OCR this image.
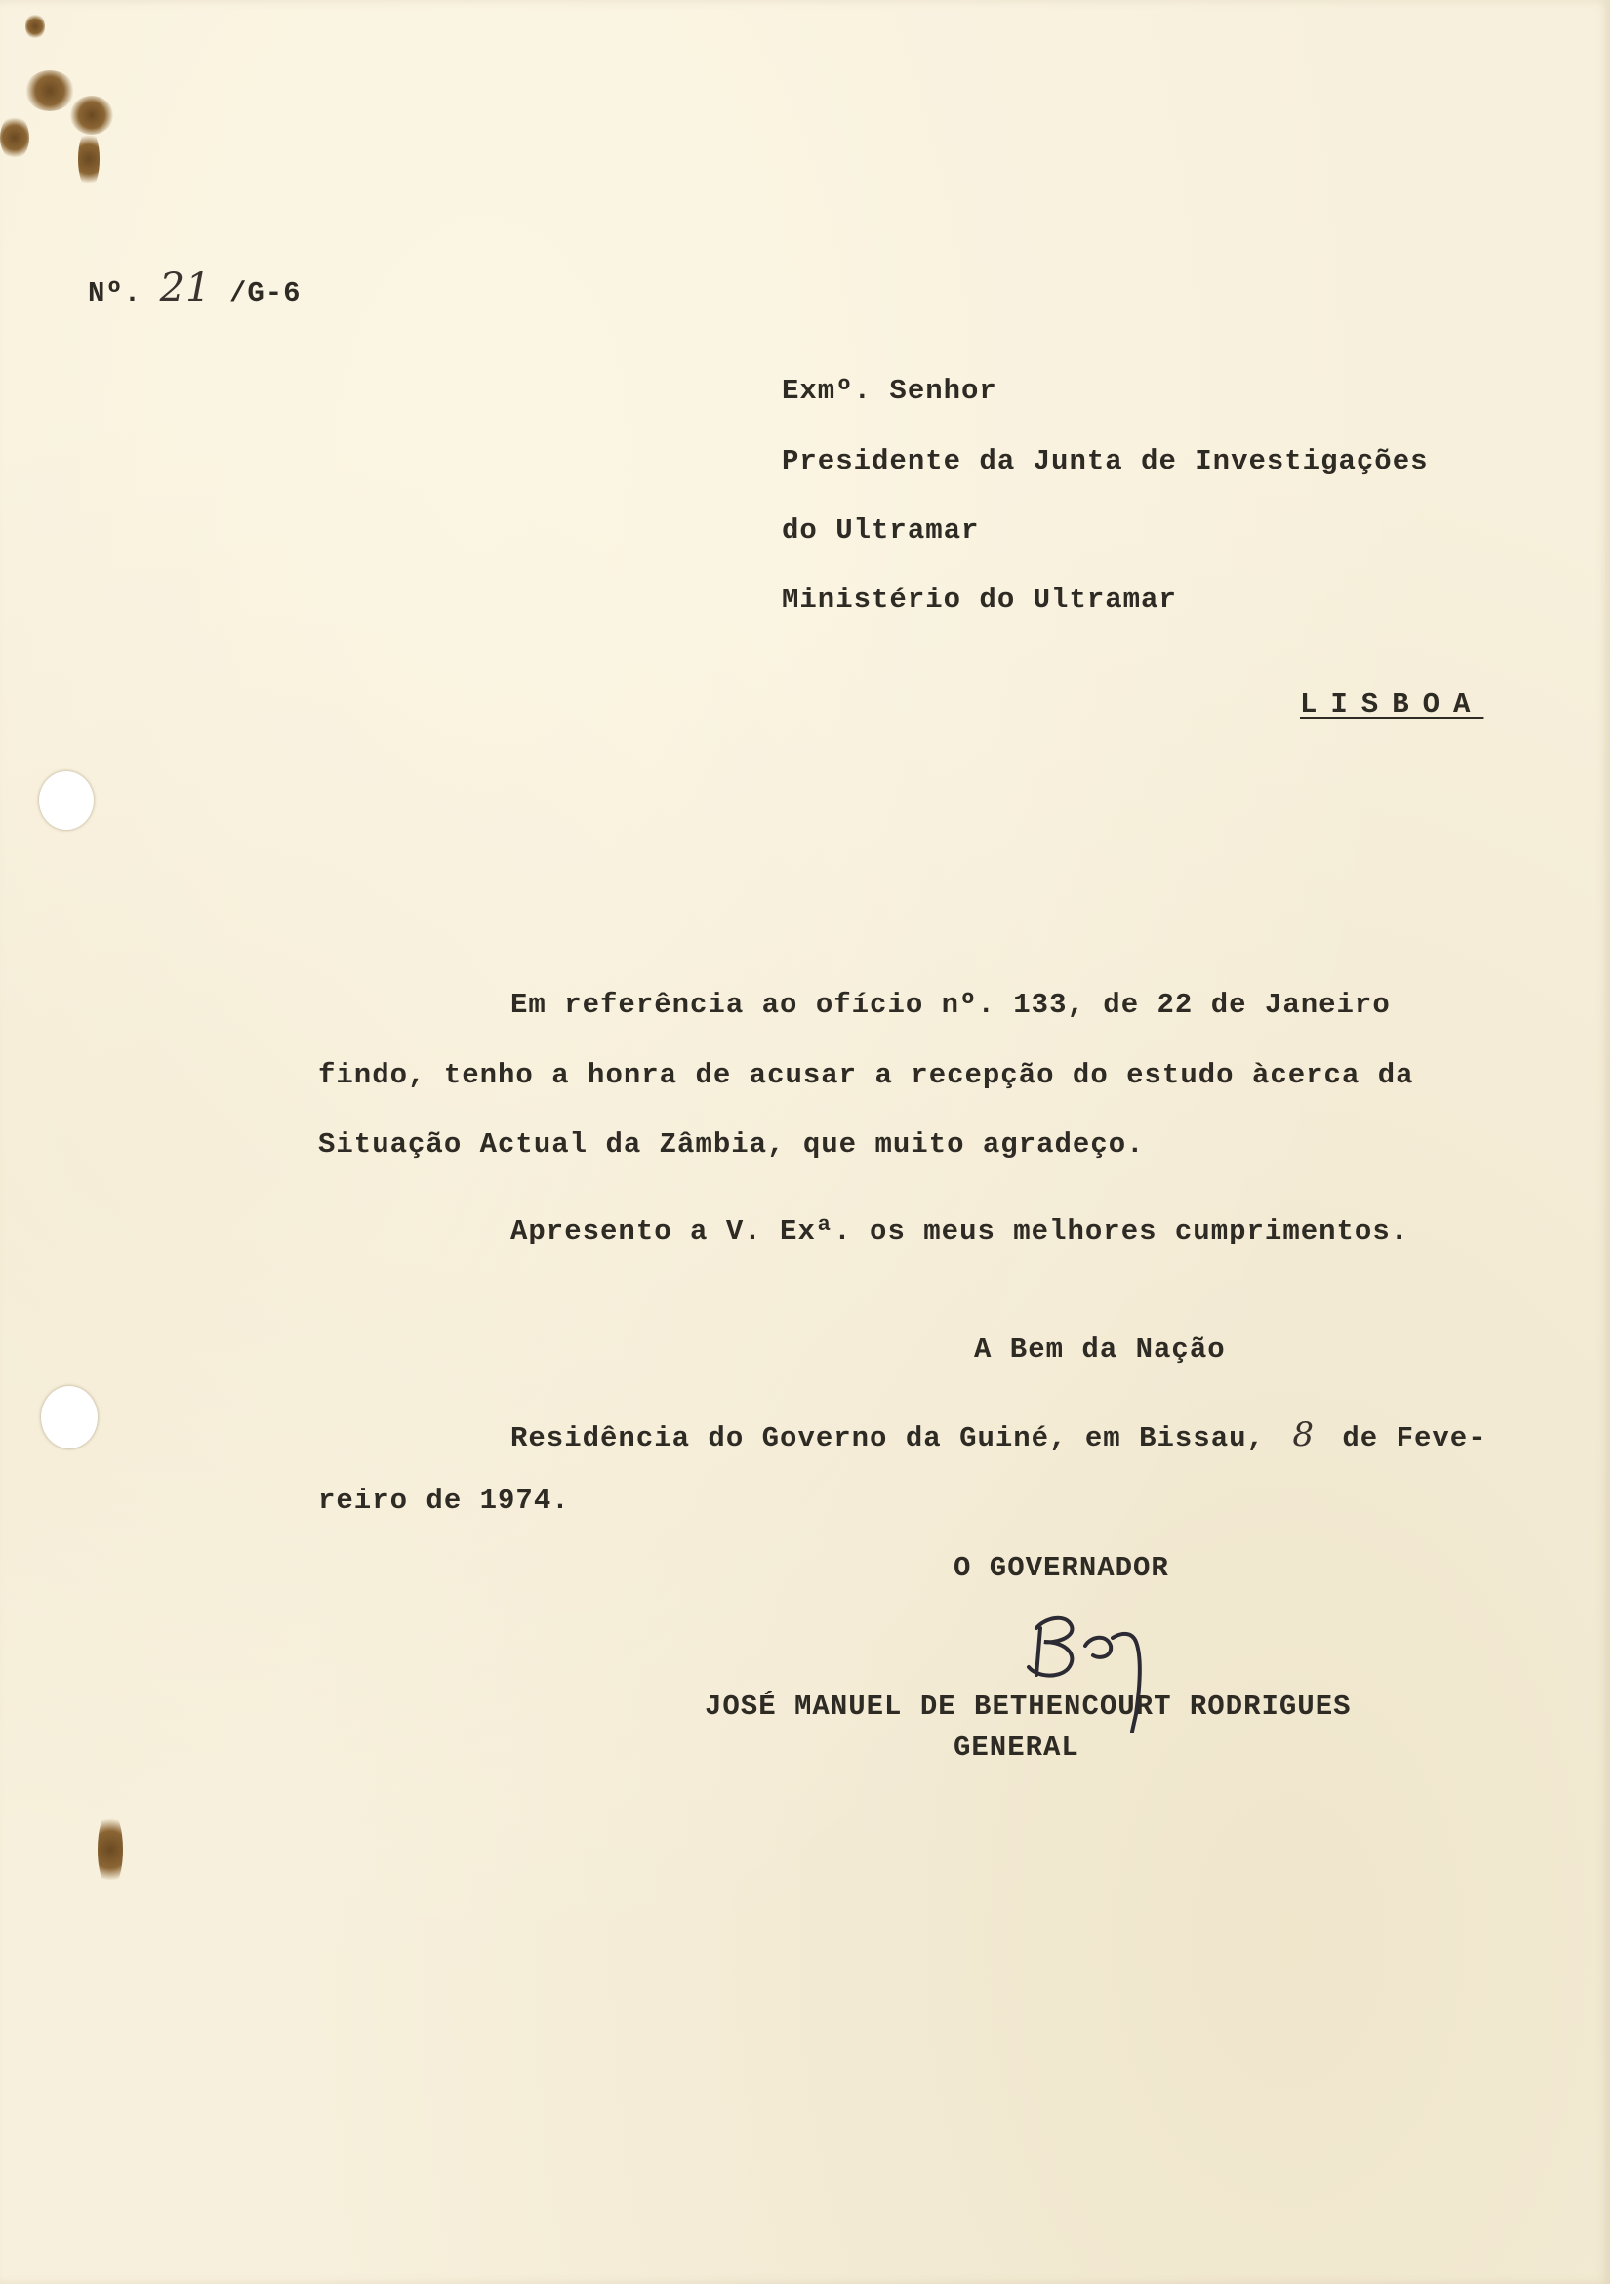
Nº. 21 /G-6
Exmº. Senhor
Presidente da Junta de Investigações
do Ultramar
Ministério do Ultramar
LISBOA
Em referência ao ofício nº. 133, de 22 de Janeiro
findo, tenho a honra de acusar a recepção do estudo àcerca da
Situação Actual da Zâmbia, que muito agradeço.
Apresento a V. Exª. os meus melhores cumprimentos.
A Bem da Nação
Residência do Governo da Guiné, em Bissau, 8 de Feve-
reiro de 1974.
O GOVERNADOR
JOSÉ MANUEL DE BETHENCOURT RODRIGUES
GENERAL
